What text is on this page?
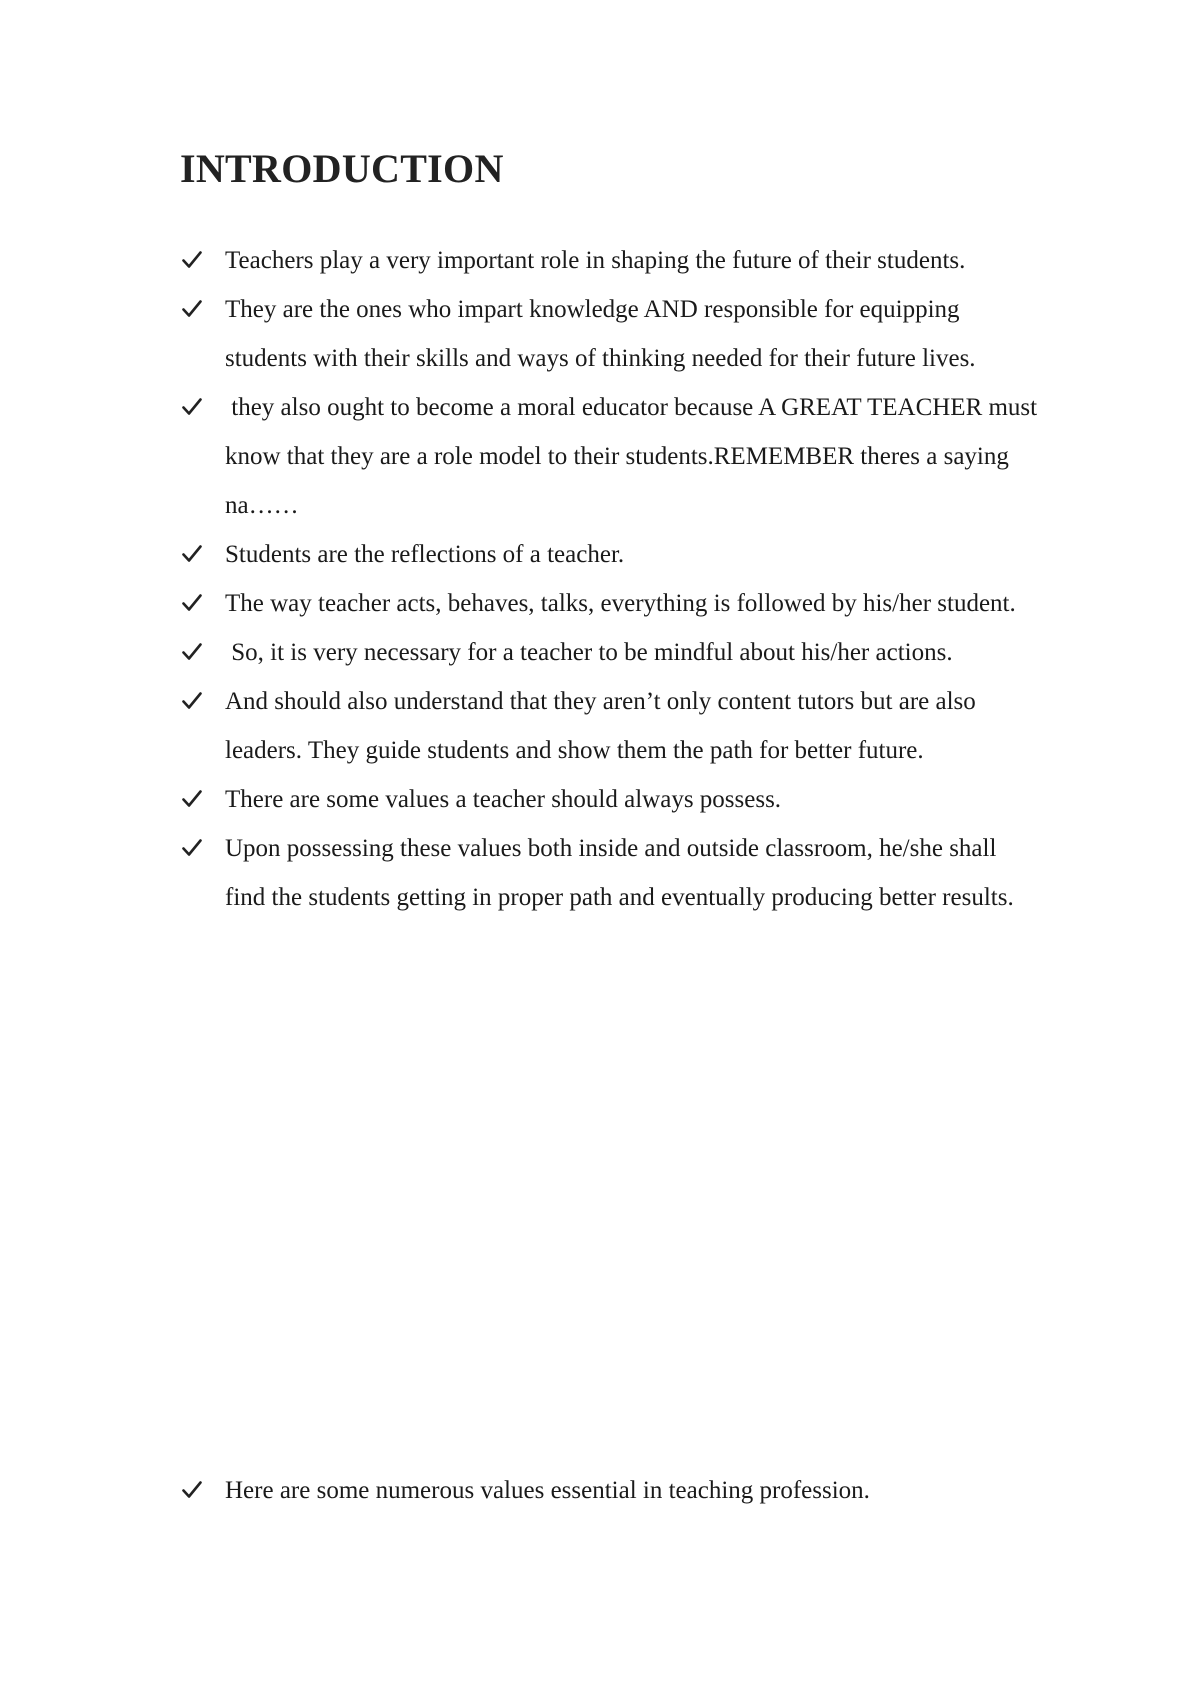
INTRODUCTION
Teachers play a very important role in shaping the future of their students.
They are the ones who impart knowledge AND responsible for equipping students with their skills and ways of thinking needed for their future lives.
they also ought to become a moral educator because A GREAT TEACHER must know that they are a role model to their students.REMEMBER theres a saying na……
Students are the reflections of a teacher.
The way teacher acts, behaves, talks, everything is followed by his/her student.
So, it is very necessary for a teacher to be mindful about his/her actions.
And should also understand that they aren’t only content tutors but are also leaders. They guide students and show them the path for better future.
There are some values a teacher should always possess.
Upon possessing these values both inside and outside classroom, he/she shall find the students getting in proper path and eventually producing better results.
Here are some numerous values essential in teaching profession.
